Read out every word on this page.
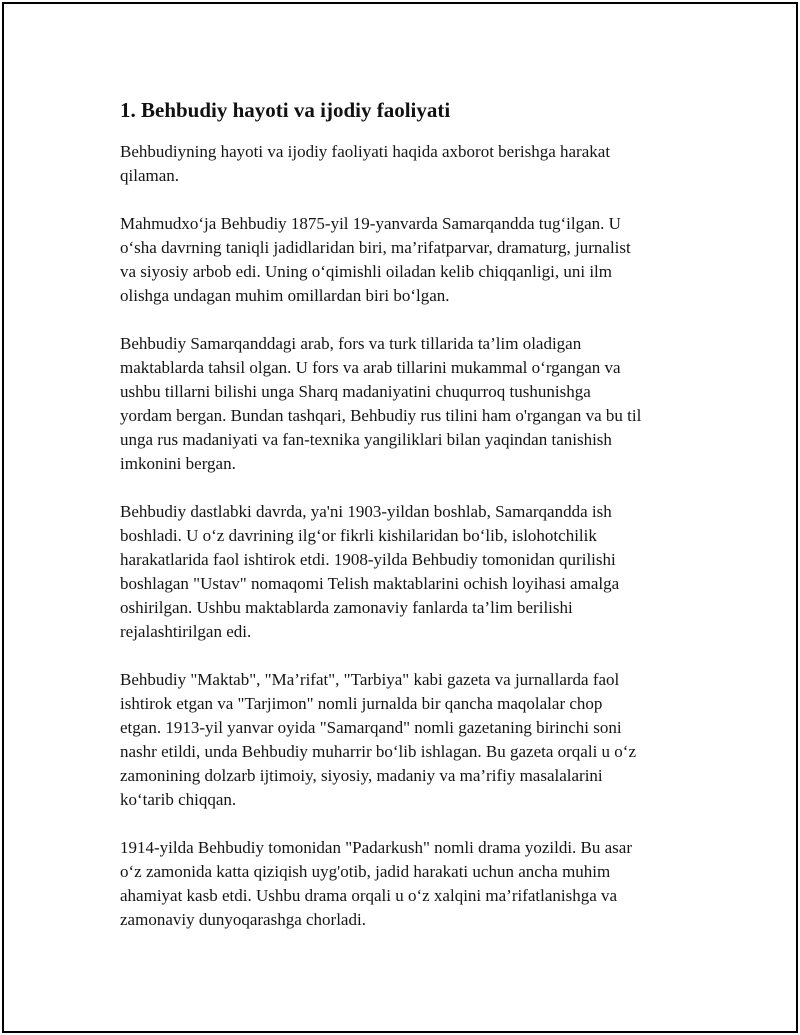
1. Behbudiy hayoti va ijodiy faoliyati

Behbudiyning hayoti va ijodiy faoliyati haqida axborot berishga harakat
qilaman.

Mahmudxo‘ja Behbudiy 1875-yil 19-yanvarda Samarqandda tug‘ilgan. U
o‘sha davrning taniqli jadidlaridan biri, ma’rifatparvar, dramaturg, jurnalist
va siyosiy arbob edi. Uning o‘qimishli oiladan kelib chiqqanligi, uni ilm
olishga undagan muhim omillardan biri bo‘lgan.

Behbudiy Samarqanddagi arab, fors va turk tillarida ta’lim oladigan
maktablarda tahsil olgan. U fors va arab tillarini mukammal o‘rgangan va
ushbu tillarni bilishi unga Sharq madaniyatini chuqurroq tushunishga
yordam bergan. Bundan tashqari, Behbudiy rus tilini ham o'rgangan va bu til
unga rus madaniyati va fan-texnika yangiliklari bilan yaqindan tanishish
imkonini bergan.

Behbudiy dastlabki davrda, ya'ni 1903-yildan boshlab, Samarqandda ish
boshladi. U o‘z davrining ilg‘or fikrli kishilaridan bo‘lib, islohotchilik
harakatlarida faol ishtirok etdi. 1908-yilda Behbudiy tomonidan qurilishi
boshlagan "Ustav" nomaqomi Telish maktablarini ochish loyihasi amalga
oshirilgan. Ushbu maktablarda zamonaviy fanlarda ta’lim berilishi
rejalashtirilgan edi.

Behbudiy "Maktab", "Ma’rifat", "Tarbiya" kabi gazeta va jurnallarda faol
ishtirok etgan va "Tarjimon" nomli jurnalda bir qancha maqolalar chop
etgan. 1913-yil yanvar oyida "Samarqand" nomli gazetaning birinchi soni
nashr etildi, unda Behbudiy muharrir bo‘lib ishlagan. Bu gazeta orqali u o‘z
zamonining dolzarb ijtimoiy, siyosiy, madaniy va ma’rifiy masalalarini
ko‘tarib chiqqan.

1914-yilda Behbudiy tomonidan "Padarkush" nomli drama yozildi. Bu asar
o‘z zamonida katta qiziqish uyg'otib, jadid harakati uchun ancha muhim
ahamiyat kasb etdi. Ushbu drama orqali u o‘z xalqini ma’rifatlanishga va
zamonaviy dunyoqarashga chorladi.
